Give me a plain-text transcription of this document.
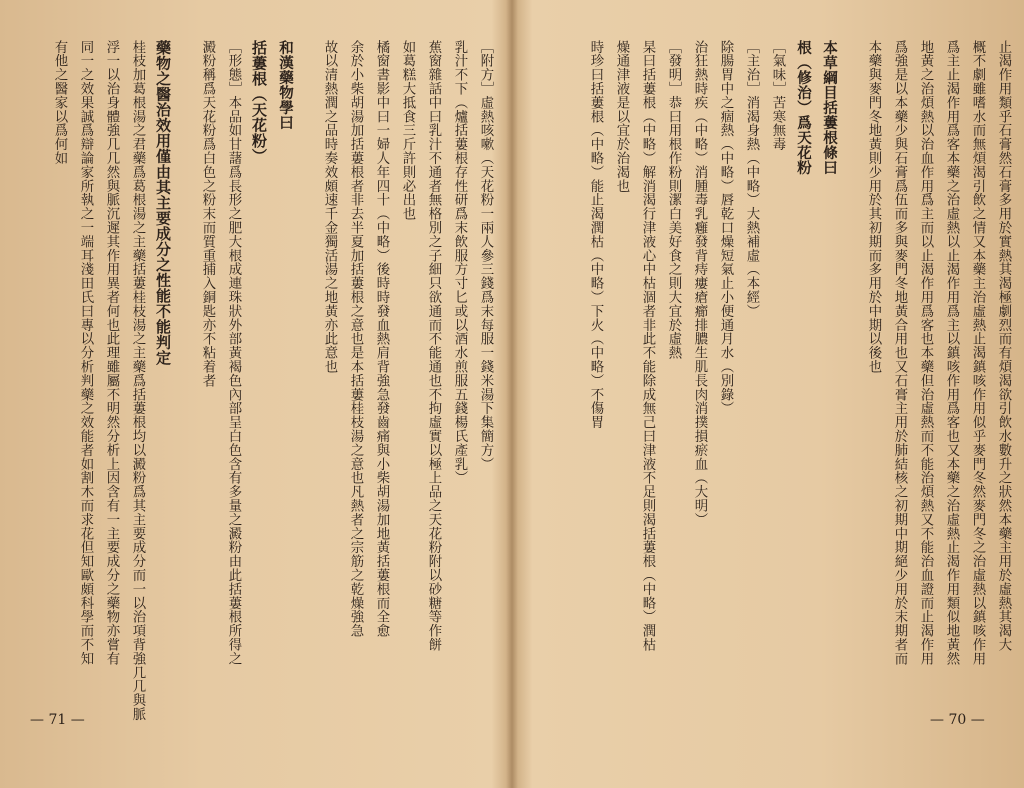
止渴作用類乎石膏然石膏多用於實熱其渴極劇烈而有煩渴欲引飲水數升之狀然本藥主用於虛熱其渴大
概不劇雖嗜水而無煩渴引飲之情又本藥主治虛熱止渴鎮咳作用似乎麥門冬然麥門冬之治虛熱以鎮咳作用
爲主止渴作用爲客本藥之治虛熱以止渴作用爲主以鎮咳作用爲客也又本藥之治虛熱止渴作用類似地黃然
地黃之治煩熱以治血作用爲主而以止渴作用爲客也本藥但治虛熱而不能治煩熱又不能治血證而止渴作用
爲強是以本藥少與石膏爲伍而多與麥門冬地黃合用也又石膏主用於肺結核之初期中期絕少用於末期者而
本藥與麥門冬地黃則少用於其初期而多用於中期以後也
本草綱目括蔞根條曰
根（修治）爲天花粉
［氣味］苦寒無毒
［主治］消渴身熱（中略）大熱補虛（本經）
除腸胃中之痼熱（中略）唇乾口燥短氣止小便通月水（別錄）
治狂熱時疾（中略）消腫毒乳癰發背痔瘻瘡癤排膿生肌長肉消撲損瘀血（大明）
［發明］恭曰用根作粉則潔白美好食之則大宜於虛熱
杲曰括蔞根（中略）解消渴行津液心中枯涸者非此不能除成無己曰津液不足則渴括蔞根（中略）潤枯
燥通津液是以宜於治渴也
時珍曰括蔞根（中略）能止渴潤枯（中略）下火（中略）不傷胃
— 70 —
［附方］虛熱咳嗽（天花粉一兩人參三錢爲末每服一錢米湯下集簡方）
乳汁不下（爐括蔞根存性研爲末飲服方寸匕或以酒水煎服五錢楊氏產乳）
蕉窗雜話中曰乳汁不通者無格別之子細只欲通而不能通也不拘虛實以極上品之天花粉附以砂糖等作餅
如葛糕大抵食三斤許則必出也
橘窗書影中曰一婦人年四十（中略）後時時發血熱肩背強急發齒痛與小柴胡湯加地黃括蔞根而全愈
余於小柴胡湯加括蔞根者非去半夏加括蔞根之意也是本括蔞桂枝湯之意也凡熱者之宗筋之乾燥強急
故以清熱潤之品時奏效頗速千金獨活湯之地黃亦此意也
和漢藥物學曰
括蔞根（天花粉）
［形態］本品如甘藷爲長形之肥大根成連珠狀外部黃褐色內部呈白色含有多量之澱粉由此括蔞根所得之
澱粉稱爲天花粉爲白色之粉末而質重捕入銅匙亦不粘着者
藥物之醫治效用僅由其主要成分之性能不能判定
桂枝加葛根湯之君藥爲葛根湯之主藥括蔞桂枝湯之主藥爲括蔞根均以澱粉爲其主要成分而一以治項背強几几與脈
浮一以治身體強几几然與脈沉遲其作用異者何也此理雖屬不明然分析上因含有一主要成分之藥物亦嘗有
同一之效果誠爲辯論家所執之一端耳淺田氏曰專以分析判藥之效能者如割木而求花但知歐頗科學而不知
有他之醫家以爲何如
— 71 —
